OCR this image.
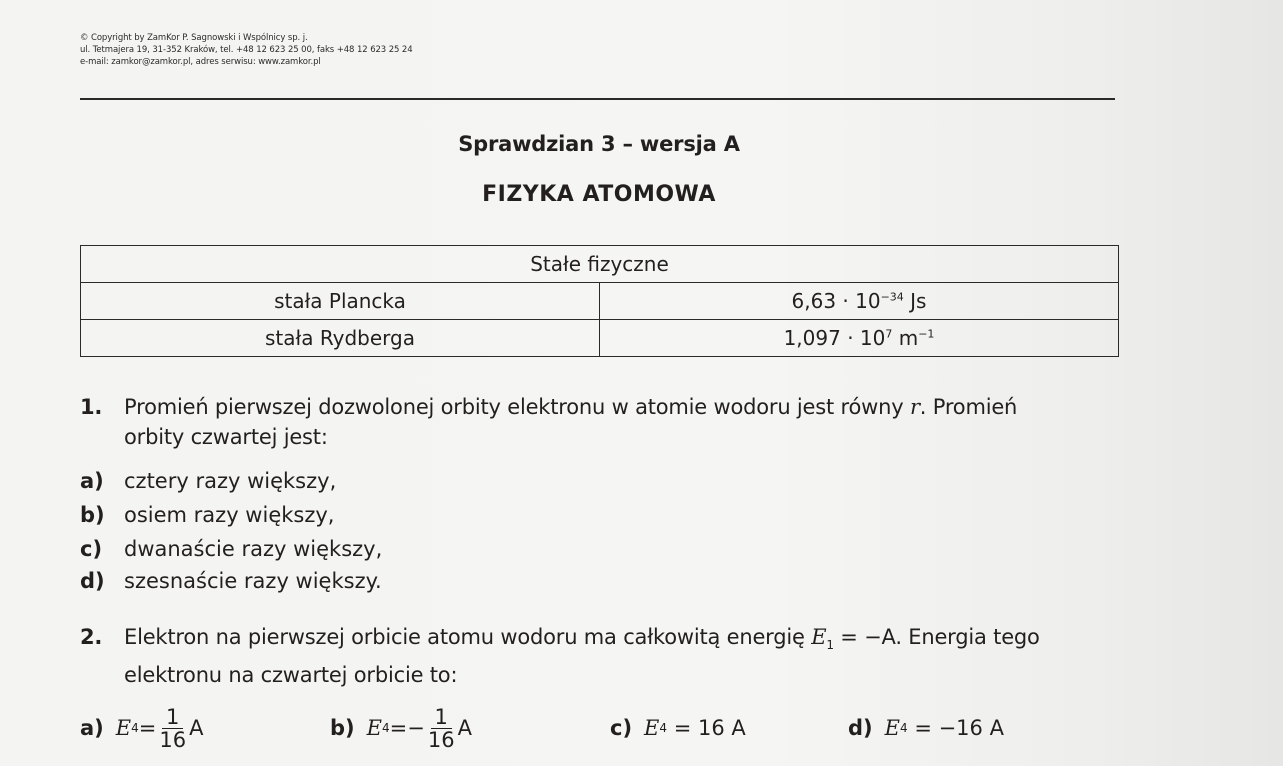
© Copyright by ZamKor P. Sagnowski i Wspólnicy sp. j.
ul. Tetmajera 19, 31-352 Kraków, tel. +48 12 623 25 00, faks +48 12 623 25 24
e-mail: zamkor@zamkor.pl, adres serwisu: www.zamkor.pl
Sprawdzian 3 – wersja A
FIZYKA ATOMOWA
Stałe fizyczne	
stała Plancka	$6,63 \cdot 10^{-34}$ Js
stała Rydberga	$1,097 \cdot 10^7$ $m^{-1}$
1. Promień pierwszej dozwolonej orbity elektronu w atomie wodoru jest równy r. Promień
orbity czwartej jest:
a) cztery razy większy,
b) osiem razy większy,
c) dwanaście razy większy,
d) szesnaście razy większy.
2. Elektron na pierwszej orbicie atomu wodoru ma całkowitą energię $E_1 = -A$. Energia tego
elektronu na czwartej orbicie to:
a) E $4 = \frac{1}{16}$ A	b) E $4 =- \frac{1}{16}$ A	c) E 4
= 16 A	d) E 4
= −16 A
